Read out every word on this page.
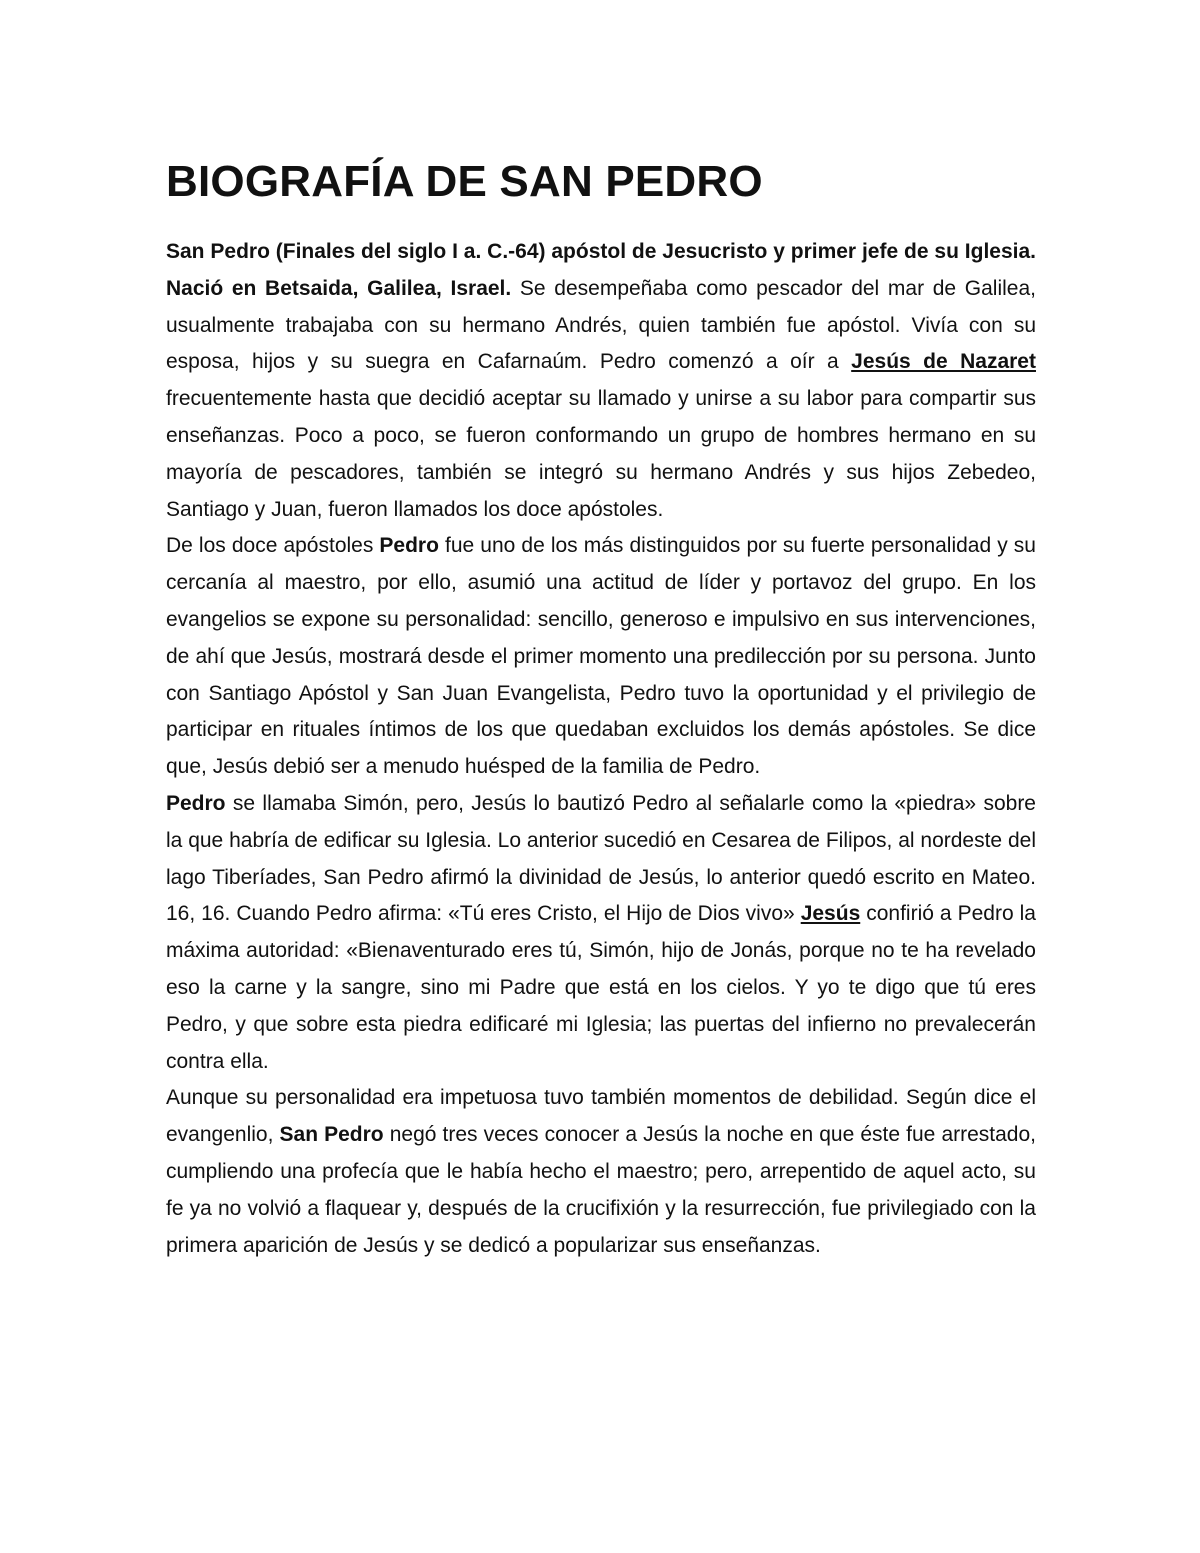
BIOGRAFÍA DE SAN PEDRO

San Pedro (Finales del siglo I a. C.-64) apóstol de Jesucristo y primer jefe de su Iglesia. Nació en Betsaida, Galilea, Israel. Se desempeñaba como pescador del mar de Galilea, usualmente trabajaba con su hermano Andrés, quien también fue apóstol. Vivía con su esposa, hijos y su suegra en Cafarnaúm. Pedro comenzó a oír a Jesús de Nazaret frecuentemente hasta que decidió aceptar su llamado y unirse a su labor para compartir sus enseñanzas. Poco a poco, se fueron conformando un grupo de hombres hermano en su mayoría de pescadores, también se integró su hermano Andrés y sus hijos Zebedeo, Santiago y Juan, fueron llamados los doce apóstoles.

De los doce apóstoles Pedro fue uno de los más distinguidos por su fuerte personalidad y su cercanía al maestro, por ello, asumió una actitud de líder y portavoz del grupo. En los evangelios se expone su personalidad: sencillo, generoso e impulsivo en sus intervenciones, de ahí que Jesús, mostrará desde el primer momento una predilección por su persona. Junto con Santiago Apóstol y San Juan Evangelista, Pedro tuvo la oportunidad y el privilegio de participar en rituales íntimos de los que quedaban excluidos los demás apóstoles. Se dice que, Jesús debió ser a menudo huésped de la familia de Pedro.

Pedro se llamaba Simón, pero, Jesús lo bautizó Pedro al señalarle como la «piedra» sobre la que habría de edificar su Iglesia. Lo anterior sucedió en Cesarea de Filipos, al nordeste del lago Tiberíades, San Pedro afirmó la divinidad de Jesús, lo anterior quedó escrito en Mateo. 16, 16. Cuando Pedro afirma: «Tú eres Cristo, el Hijo de Dios vivo» Jesús confirió a Pedro la máxima autoridad: «Bienaventurado eres tú, Simón, hijo de Jonás, porque no te ha revelado eso la carne y la sangre, sino mi Padre que está en los cielos. Y yo te digo que tú eres Pedro, y que sobre esta piedra edificaré mi Iglesia; las puertas del infierno no prevalecerán contra ella.

Aunque su personalidad era impetuosa tuvo también momentos de debilidad. Según dice el evangenlio, San Pedro negó tres veces conocer a Jesús la noche en que éste fue arrestado, cumpliendo una profecía que le había hecho el maestro; pero, arrepentido de aquel acto, su fe ya no volvió a flaquear y, después de la crucifixión y la resurrección, fue privilegiado con la primera aparición de Jesús y se dedicó a popularizar sus enseñanzas.
